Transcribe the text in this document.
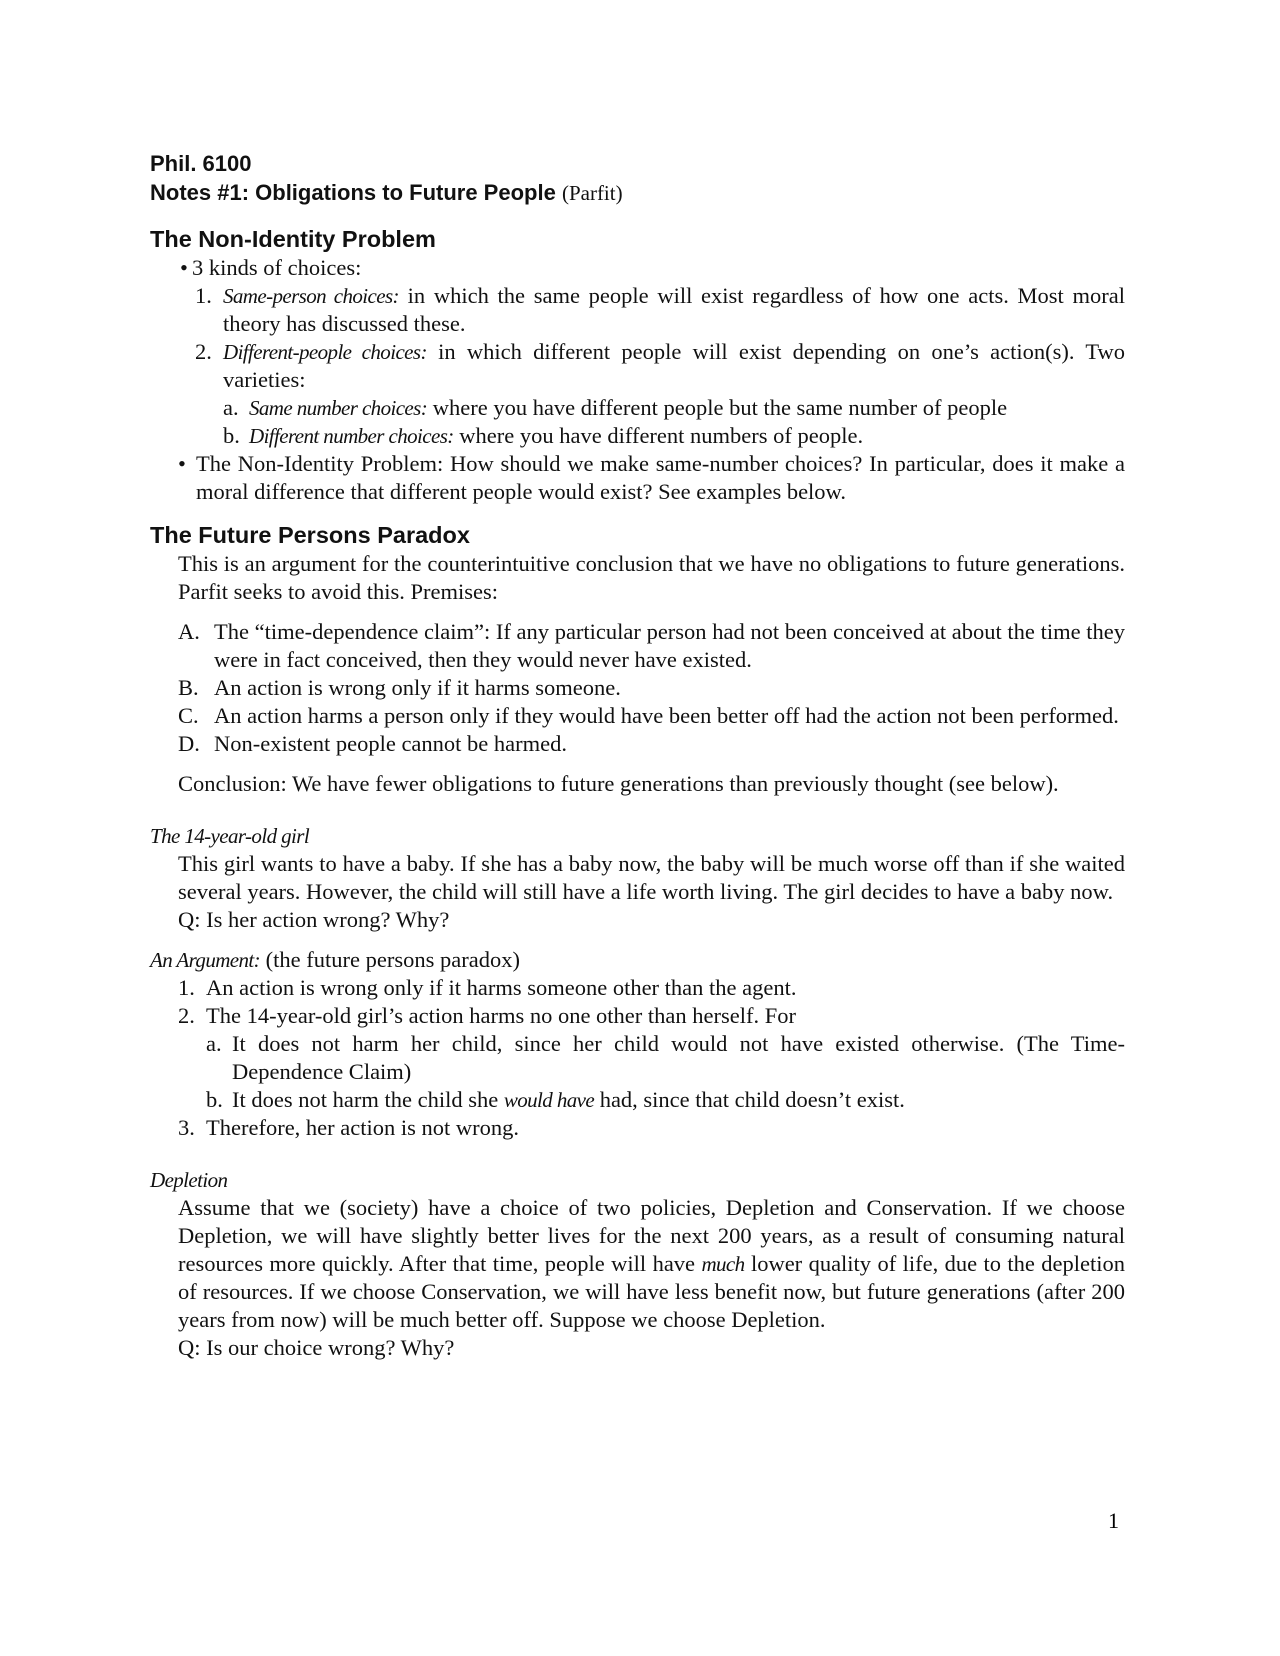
Phil. 6100
Notes #1: Obligations to Future People (Parfit)
The Non-Identity Problem
• 3 kinds of choices:
1. Same-person choices: in which the same people will exist regardless of how one acts. Most moral theory has discussed these.
2. Different-people choices: in which different people will exist depending on one’s action(s). Two varieties:
a. Same number choices: where you have different people but the same number of people
b. Different number choices: where you have different numbers of people.
• The Non-Identity Problem: How should we make same-number choices? In particular, does it make a moral difference that different people would exist? See examples below.
The Future Persons Paradox
This is an argument for the counterintuitive conclusion that we have no obligations to future generations. Parfit seeks to avoid this. Premises:
A. The “time-dependence claim”: If any particular person had not been conceived at about the time they were in fact conceived, then they would never have existed.
B. An action is wrong only if it harms someone.
C. An action harms a person only if they would have been better off had the action not been performed.
D. Non-existent people cannot be harmed.
Conclusion: We have fewer obligations to future generations than previously thought (see below).
The 14-year-old girl
This girl wants to have a baby. If she has a baby now, the baby will be much worse off than if she waited several years. However, the child will still have a life worth living. The girl decides to have a baby now.
Q: Is her action wrong? Why?
An Argument: (the future persons paradox)
1. An action is wrong only if it harms someone other than the agent.
2. The 14-year-old girl’s action harms no one other than herself. For
a. It does not harm her child, since her child would not have existed otherwise. (The Time-Dependence Claim)
b. It does not harm the child she would have had, since that child doesn’t exist.
3. Therefore, her action is not wrong.
Depletion
Assume that we (society) have a choice of two policies, Depletion and Conservation. If we choose Depletion, we will have slightly better lives for the next 200 years, as a result of consuming natural resources more quickly. After that time, people will have much lower quality of life, due to the depletion of resources. If we choose Conservation, we will have less benefit now, but future generations (after 200 years from now) will be much better off. Suppose we choose Depletion.
Q: Is our choice wrong? Why?
1
